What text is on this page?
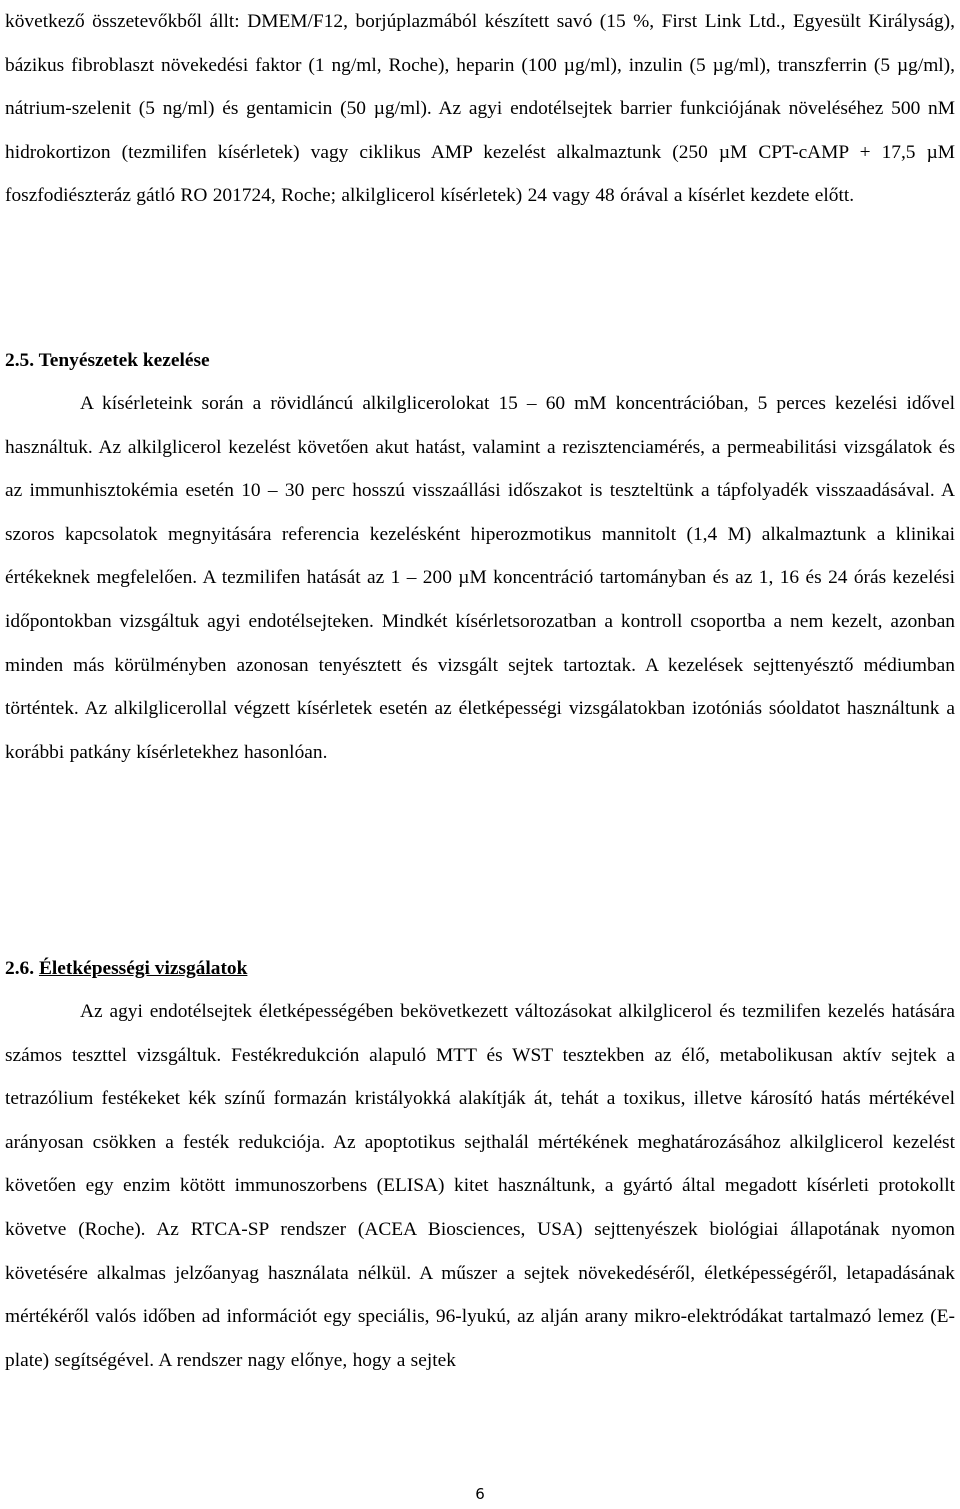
következő összetevőkből állt: DMEM/F12, borjúplazmából készített savó (15 %, First Link Ltd., Egyesült Királyság), bázikus fibroblaszt növekedési faktor (1 ng/ml, Roche), heparin (100 µg/ml), inzulin (5 µg/ml), transzferrin (5 µg/ml), nátrium-szelenit (5 ng/ml) és gentamicin (50 µg/ml). Az agyi endotélsejtek barrier funkciójának növeléséhez 500 nM hidrokortizon (tezmilifen kísérletek) vagy ciklikus AMP kezelést alkalmaztunk (250 µM CPT-cAMP + 17,5 µM foszfodiészteráz gátló RO 201724, Roche; alkilglicerol kísérletek) 24 vagy 48 órával a kísérlet kezdete előtt.

2.5. Tenyészetek kezelése

A kísérleteink során a rövidláncú alkilglicerolokat 15 – 60 mM koncentrációban, 5 perces kezelési idővel használtuk. Az alkilglicerol kezelést követően akut hatást, valamint a rezisztenciamérés, a permeabilitási vizsgálatok és az immunhisztokémia esetén 10 – 30 perc hosszú visszaállási időszakot is teszteltünk a tápfolyadék visszaadásával. A szoros kapcsolatok megnyitására referencia kezelésként hiperozmotikus mannitolt (1,4 M) alkalmaztunk a klinikai értékeknek megfelelően. A tezmilifen hatását az 1 – 200 µM koncentráció tartományban és az 1, 16 és 24 órás kezelési időpontokban vizsgáltuk agyi endotélsejteken. Mindkét kísérletsorozatban a kontroll csoportba a nem kezelt, azonban minden más körülményben azonosan tenyésztett és vizsgált sejtek tartoztak. A kezelések sejttenyésztő médiumban történtek. Az alkilglicerollal végzett kísérletek esetén az életképességi vizsgálatokban izotóniás sóoldatot használtunk a korábbi patkány kísérletekhez hasonlóan.

2.6. Életképességi vizsgálatok

Az agyi endotélsejtek életképességében bekövetkezett változásokat alkilglicerol és tezmilifen kezelés hatására számos teszttel vizsgáltuk. Festékredukción alapuló MTT és WST tesztekben az élő, metabolikusan aktív sejtek a tetrazólium festékeket kék színű formazán kristályokká alakítják át, tehát a toxikus, illetve károsító hatás mértékével arányosan csökken a festék redukciója. Az apoptotikus sejthalál mértékének meghatározásához alkilglicerol kezelést követően egy enzim kötött immunoszorbens (ELISA) kitet használtunk, a gyártó által megadott kísérleti protokollt követve (Roche). Az RTCA-SP rendszer (ACEA Biosciences, USA) sejttenyészek biológiai állapotának nyomon követésére alkalmas jelzőanyag használata nélkül. A műszer a sejtek növekedéséről, életképességéről, letapadásának mértékéről valós időben ad információt egy speciális, 96-lyukú, az alján arany mikro-elektródákat tartalmazó lemez (E-plate) segítségével. A rendszer nagy előnye, hogy a sejtek

6
